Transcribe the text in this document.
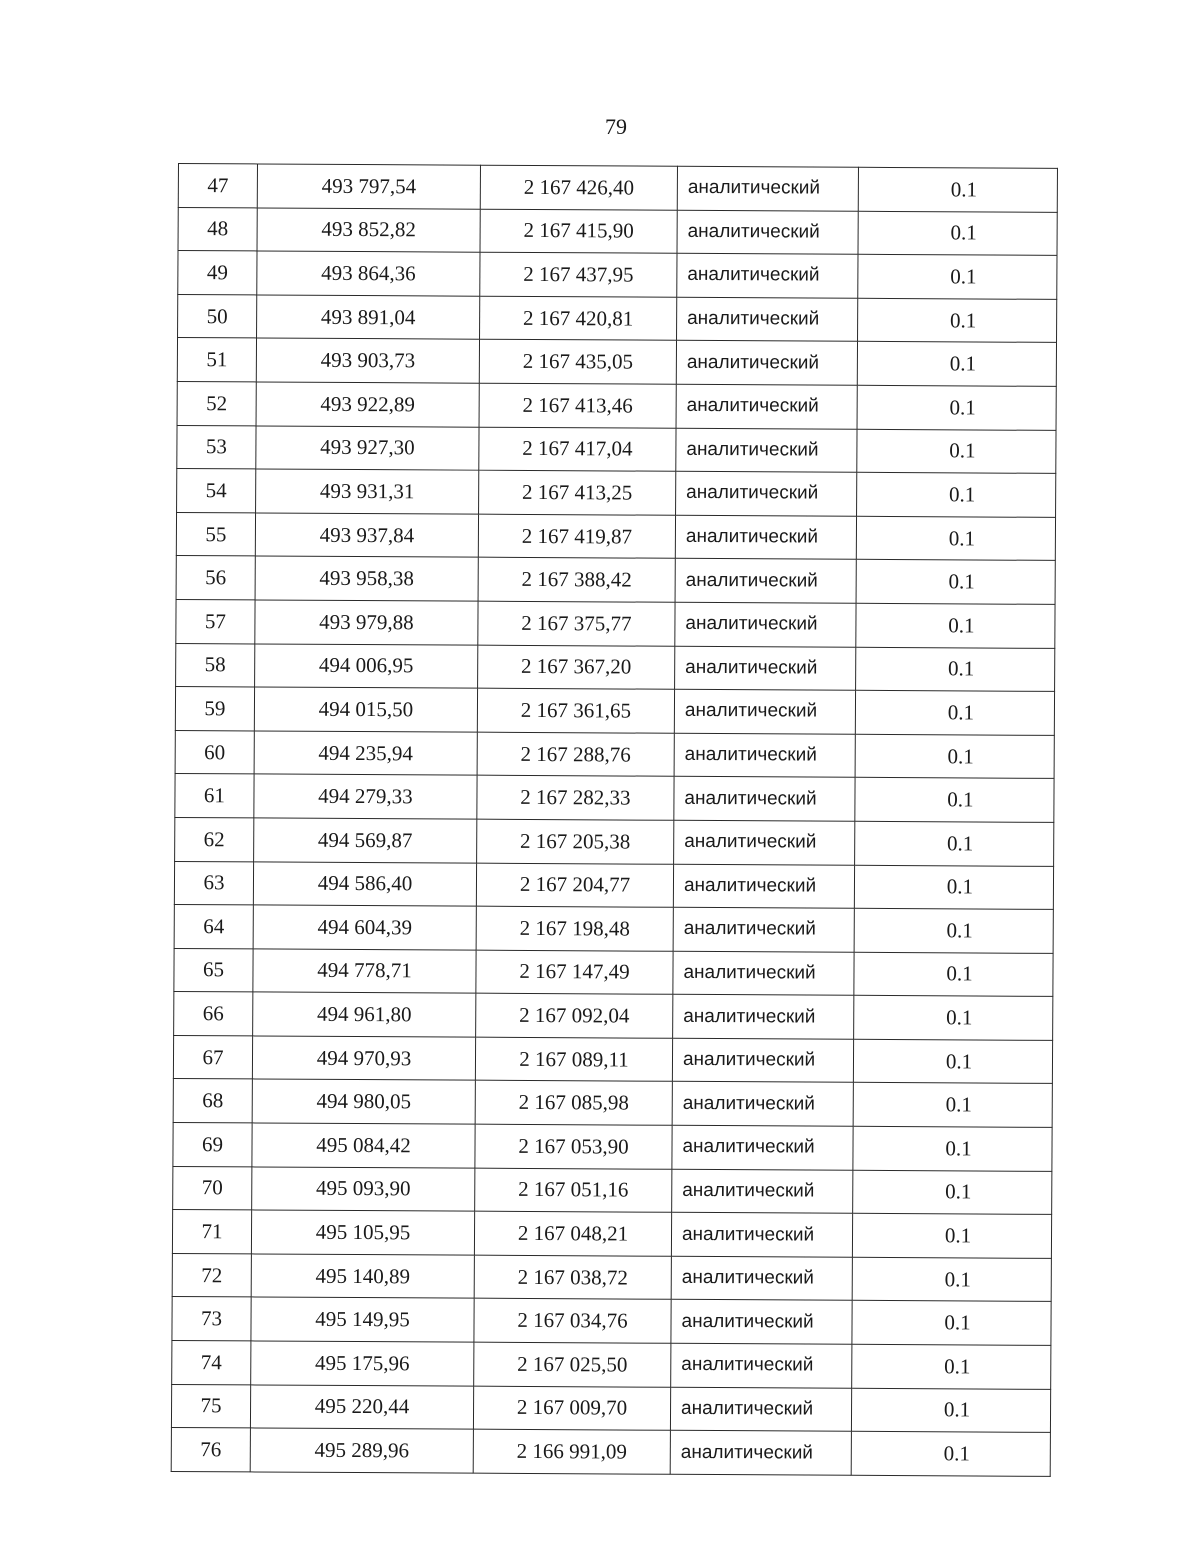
79
47	493 797,54	2 167 426,40	аналитический	0.1
48	493 852,82	2 167 415,90	аналитический	0.1
49	493 864,36	2 167 437,95	аналитический	0.1
50	493 891,04	2 167 420,81	аналитический	0.1
51	493 903,73	2 167 435,05	аналитический	0.1
52	493 922,89	2 167 413,46	аналитический	0.1
53	493 927,30	2 167 417,04	аналитический	0.1
54	493 931,31	2 167 413,25	аналитический	0.1
55	493 937,84	2 167 419,87	аналитический	0.1
56	493 958,38	2 167 388,42	аналитический	0.1
57	493 979,88	2 167 375,77	аналитический	0.1
58	494 006,95	2 167 367,20	аналитический	0.1
59	494 015,50	2 167 361,65	аналитический	0.1
60	494 235,94	2 167 288,76	аналитический	0.1
61	494 279,33	2 167 282,33	аналитический	0.1
62	494 569,87	2 167 205,38	аналитический	0.1
63	494 586,40	2 167 204,77	аналитический	0.1
64	494 604,39	2 167 198,48	аналитический	0.1
65	494 778,71	2 167 147,49	аналитический	0.1
66	494 961,80	2 167 092,04	аналитический	0.1
67	494 970,93	2 167 089,11	аналитический	0.1
68	494 980,05	2 167 085,98	аналитический	0.1
69	495 084,42	2 167 053,90	аналитический	0.1
70	495 093,90	2 167 051,16	аналитический	0.1
71	495 105,95	2 167 048,21	аналитический	0.1
72	495 140,89	2 167 038,72	аналитический	0.1
73	495 149,95	2 167 034,76	аналитический	0.1
74	495 175,96	2 167 025,50	аналитический	0.1
75	495 220,44	2 167 009,70	аналитический	0.1
76	495 289,96	2 166 991,09	аналитический	0.1
